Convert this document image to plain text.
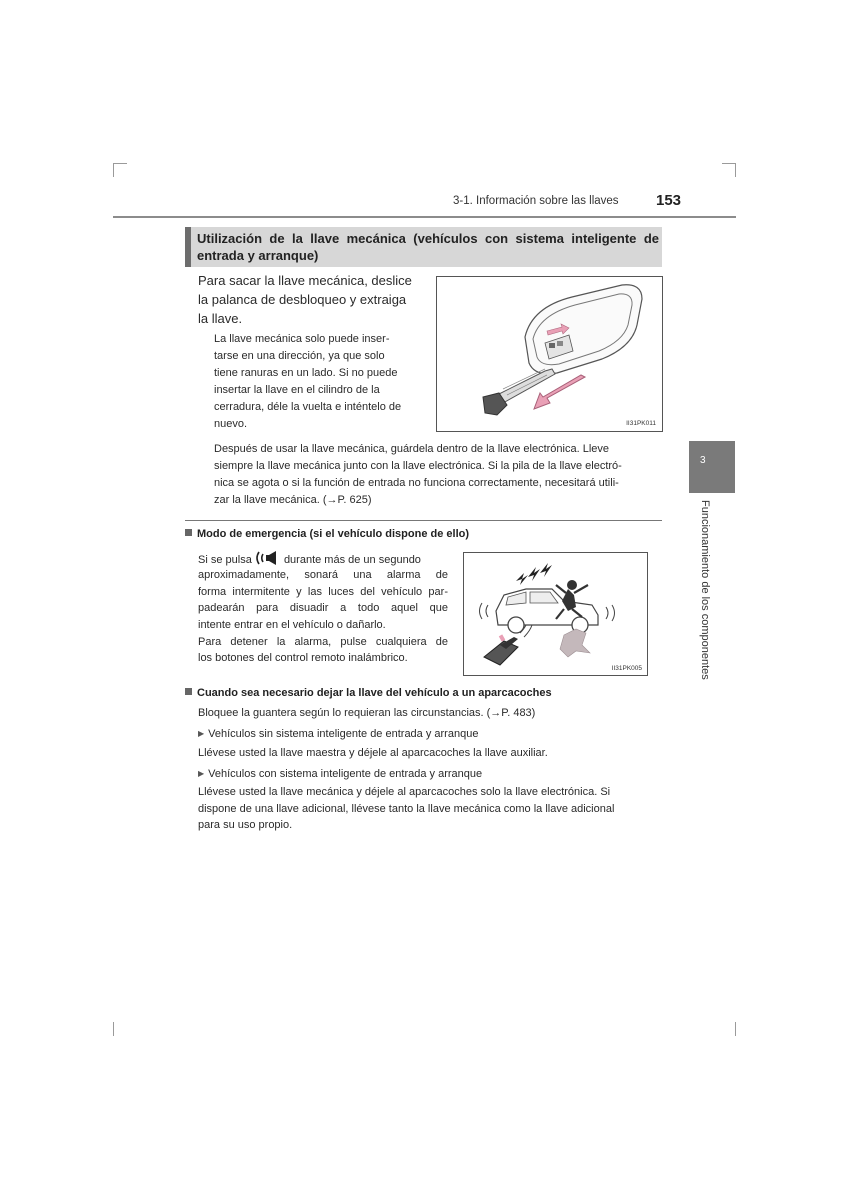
3-1. Información sobre las llaves 153
3
Funcionamiento de los componentes
Utilización de la llave mecánica (vehículos con sistema inteligente de entrada y arranque)
Para sacar la llave mecánica, deslice
la palanca de desbloqueo y extraiga
la llave.
La llave mecánica solo puede inser-
tarse en una dirección, ya que solo
tiene ranuras en un lado. Si no puede
insertar la llave en el cilindro de la
cerradura, déle la vuelta e inténtelo de
nuevo.	II31PK011
Después de usar la llave mecánica, guárdela dentro de la llave electrónica. Lleve
siempre la llave mecánica junto con la llave electrónica. Si la pila de la llave electró-
nica se agota o si la función de entrada no funciona correctamente, necesitará utili-
zar la llave mecánica. (→P. 625)
Modo de emergencia (si el vehículo dispone de ello)
Si se pulsa	durante más de un segundo
aproximadamente, sonará una alarma de
forma intermitente y las luces del vehículo par-
padearán para disuadir a todo aquel que
intente entrar en el vehículo o dañarlo.
Para detener la alarma, pulse cualquiera de
los botones del control remoto inalámbrico.
II31PK005
Cuando sea necesario dejar la llave del vehículo a un aparcacoches
Bloquee la guantera según lo requieran las circunstancias. (→P. 483)
▶ Vehículos sin sistema inteligente de entrada y arranque
Llévese usted la llave maestra y déjele al aparcacoches la llave auxiliar.
▶ Vehículos con sistema inteligente de entrada y arranque
Llévese usted la llave mecánica y déjele al aparcacoches solo la llave electrónica. Si
dispone de una llave adicional, llévese tanto la llave mecánica como la llave adicional
para su uso propio.
